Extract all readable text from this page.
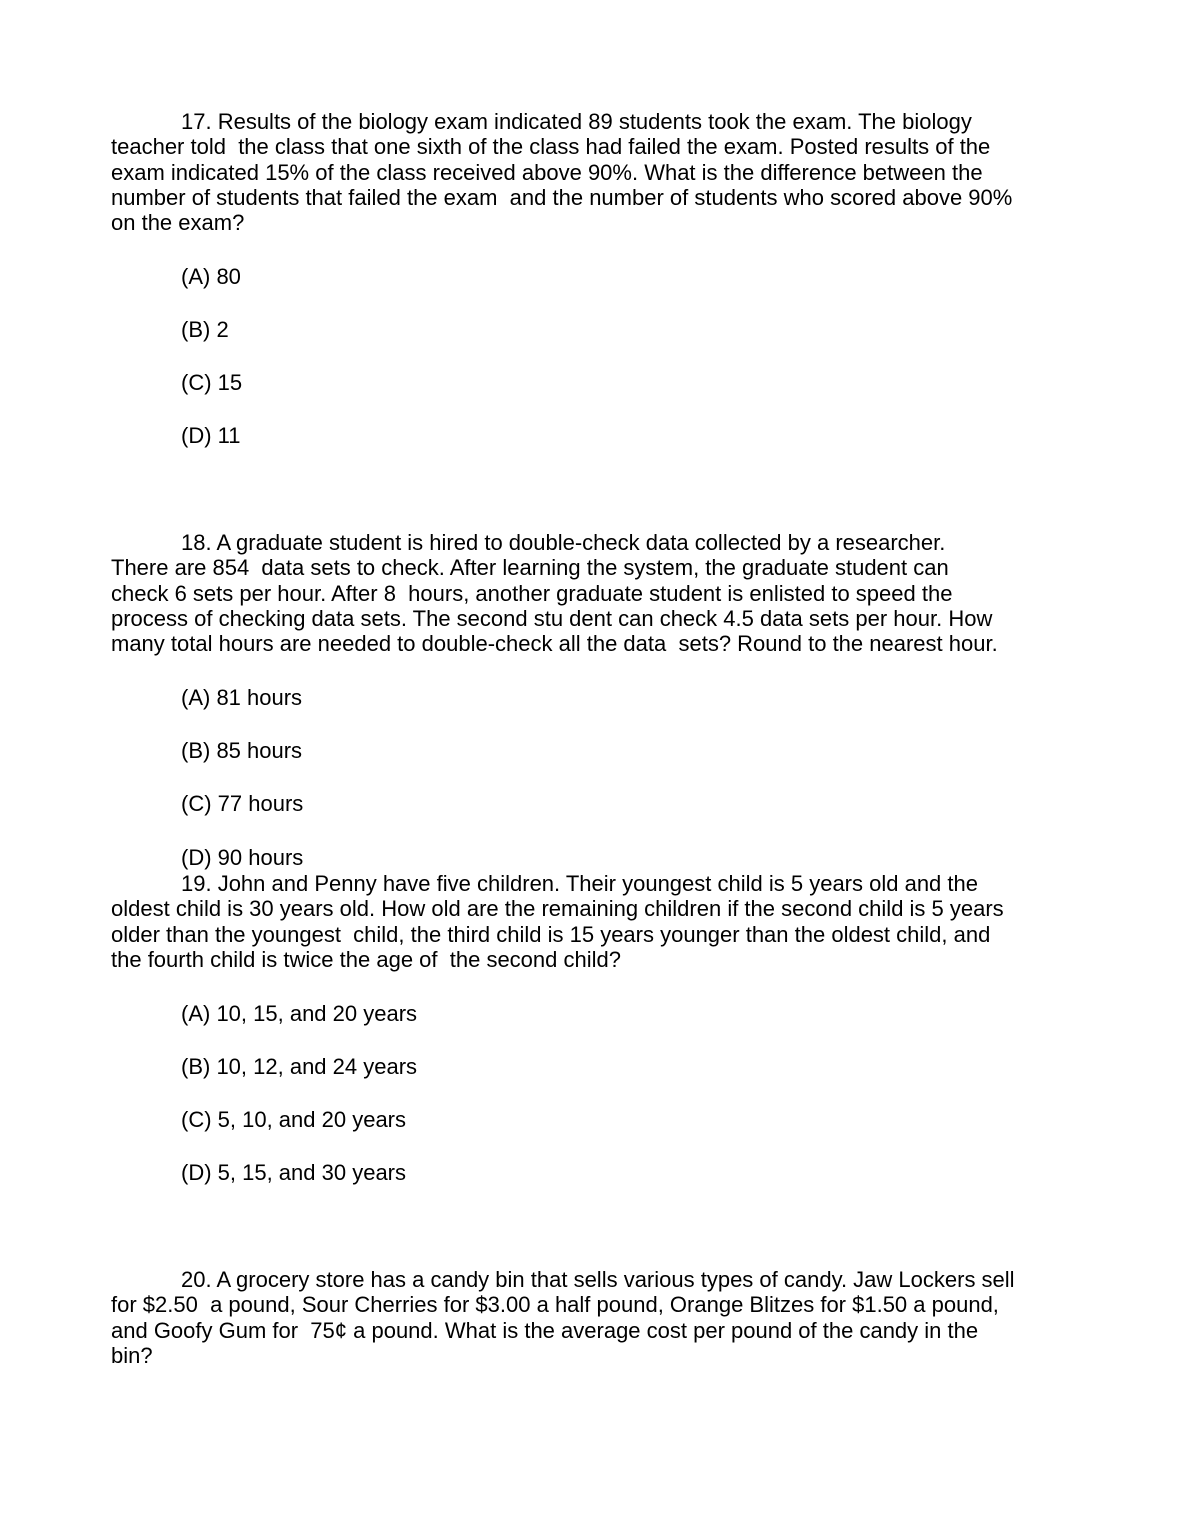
17. Results of the biology exam indicated 89 students took the exam. The biology
teacher told  the class that one sixth of the class had failed the exam. Posted results of the
exam indicated 15% of the class received above 90%. What is the difference between the
number of students that failed the exam  and the number of students who scored above 90%
on the exam?
(A) 80
(B) 2
(C) 15
(D) 11
18. A graduate student is hired to double-check data collected by a researcher.
There are 854  data sets to check. After learning the system, the graduate student can
check 6 sets per hour. After 8  hours, another graduate student is enlisted to speed the
process of checking data sets. The second stu dent can check 4.5 data sets per hour. How
many total hours are needed to double-check all the data  sets? Round to the nearest hour.
(A) 81 hours
(B) 85 hours
(C) 77 hours
(D) 90 hours
19. John and Penny have five children. Their youngest child is 5 years old and the
oldest child is 30 years old. How old are the remaining children if the second child is 5 years
older than the youngest  child, the third child is 15 years younger than the oldest child, and
the fourth child is twice the age of  the second child?
(A) 10, 15, and 20 years
(B) 10, 12, and 24 years
(C) 5, 10, and 20 years
(D) 5, 15, and 30 years
20. A grocery store has a candy bin that sells various types of candy. Jaw Lockers sell
for $2.50  a pound, Sour Cherries for $3.00 a half pound, Orange Blitzes for $1.50 a pound,
and Goofy Gum for  75¢ a pound. What is the average cost per pound of the candy in the
bin?
